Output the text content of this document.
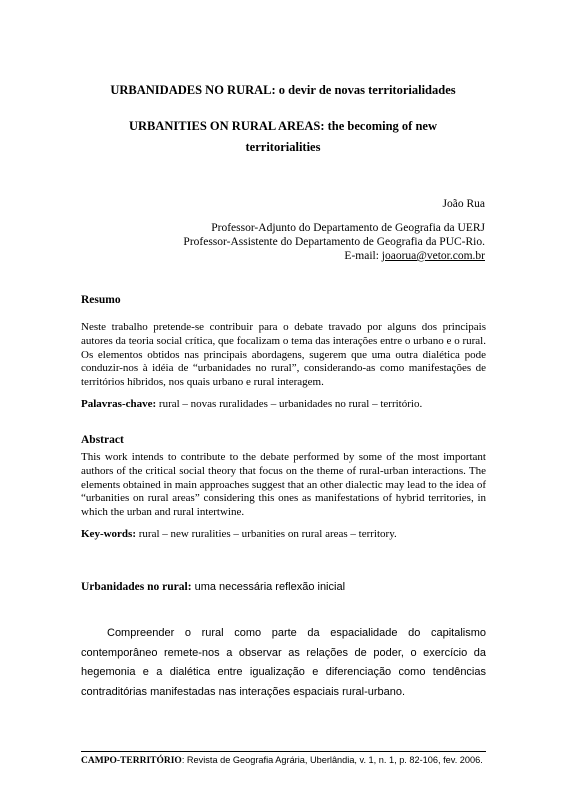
URBANIDADES NO RURAL: o devir de novas territorialidades
URBANITIES ON RURAL AREAS: the becoming of new
territorialities
João Rua
Professor-Adjunto do Departamento de Geografia da UERJ
Professor-Assistente do Departamento de Geografia da PUC-Rio.
E-mail: joaorua@vetor.com.br
Resumo
Neste trabalho pretende-se contribuir para o debate travado por alguns dos principais autores da teoria social crítica, que focalizam o tema das interações entre o urbano e o rural. Os elementos obtidos nas principais abordagens, sugerem que uma outra dialética pode conduzir-nos à idéia de “urbanidades no rural”, considerando-as como manifestações de territórios híbridos, nos quais urbano e rural interagem.
Palavras-chave: rural – novas ruralidades – urbanidades no rural – território.
Abstract
This work intends to contribute to the debate performed by some of the most important authors of the critical social theory that focus on the theme of rural-urban interactions. The elements obtained in main approaches suggest that an other dialectic may lead to the idea of “urbanities on rural areas” considering this ones as manifestations of hybrid territories, in which the urban and rural intertwine.
Key-words: rural – new ruralities – urbanities on rural areas – territory.
Urbanidades no rural: uma necessária reflexão inicial
Compreender o rural como parte da espacialidade do capitalismo contemporâneo remete-nos a observar as relações de poder, o exercício da hegemonia e a dialética entre igualização e diferenciação como tendências contraditórias manifestadas nas interações espaciais rural-urbano.
CAMPO-TERRITÓRIO: Revista de Geografia Agrária, Uberlândia, v. 1, n. 1, p. 82-106, fev. 2006.
